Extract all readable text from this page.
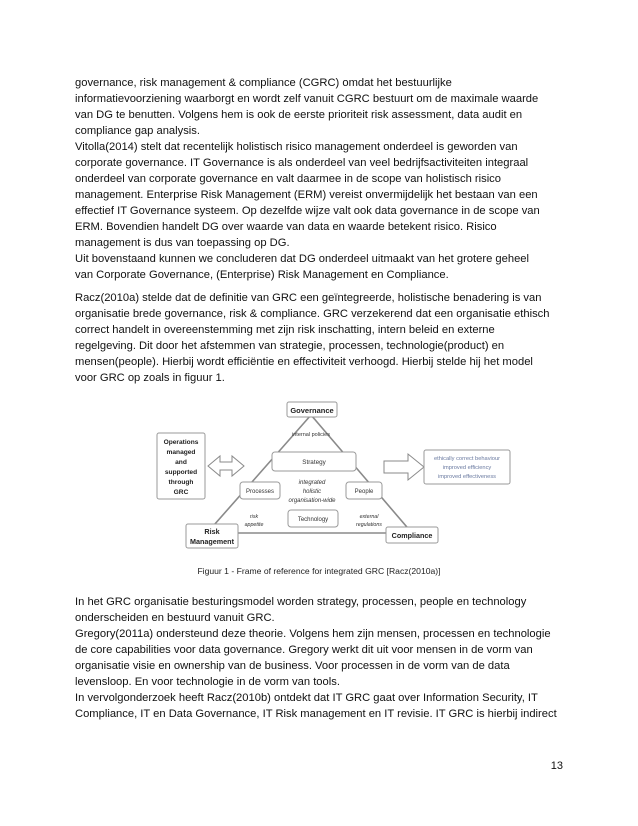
governance, risk management & compliance (CGRC) omdat het bestuurlijke

informatievoorziening waarborgt en wordt zelf vanuit CGRC bestuurt om de maximale waarde

van DG te benutten. Volgens hem is ook de eerste prioriteit risk assessment, data audit en

compliance gap analysis.

Vitolla(2014) stelt dat recentelijk holistisch risico management onderdeel is geworden van

corporate governance. IT Governance is als onderdeel van veel bedrijfsactiviteiten integraal

onderdeel van corporate governance en valt daarmee in de scope van holistisch risico

management. Enterprise Risk Management (ERM) vereist onvermijdelijk het bestaan van een

effectief IT Governance systeem. Op dezelfde wijze valt ook data governance in de scope van

ERM. Bovendien handelt DG over waarde van data en waarde betekent risico. Risico

management is dus van toepassing op DG.

Uit bovenstaand kunnen we concluderen dat DG onderdeel uitmaakt van het grotere geheel

van Corporate Governance, (Enterprise) Risk Management en Compliance.

Racz(2010a) stelde dat de definitie van GRC een geïntegreerde, holistische benadering is van

organisatie brede governance, risk & compliance. GRC verzekerend dat een organisatie ethisch

correct handelt in overeenstemming met zijn risk inschatting, intern beleid en externe

regelgeving. Dit door het afstemmen van strategie, processen, technologie(product) en

mensen(people). Hierbij wordt efficiëntie en effectiviteit verhoogd. Hierbij stelde hij het model

voor GRC op zoals in figuur 1.

Governance
internal policies
Strategy
Processes
integrated
holistic
organisation-wide
People
Technology
risk
appetite
external
regulations
Risk
Management
Compliance
Operations
managed
and
supported
through
GRC
ethically correct behaviour
improved efficiency
improved effectiveness
Figuur 1 - Frame of reference for integrated GRC [Racz(2010a)]

In het GRC organisatie besturingsmodel worden strategy, processen, people en technology

onderscheiden en bestuurd vanuit GRC.

Gregory(2011a) ondersteund deze theorie. Volgens hem zijn mensen, processen en technologie

de core capabilities voor data governance. Gregory werkt dit uit voor mensen in de vorm van

organisatie visie en ownership van de business. Voor processen in de vorm van de data

levensloop. En voor technologie in de vorm van tools.

In vervolgonderzoek heeft Racz(2010b) ontdekt dat IT GRC gaat over Information Security, IT

Compliance, IT en Data Governance, IT Risk management en IT revisie. IT GRC is hierbij indirect

13
